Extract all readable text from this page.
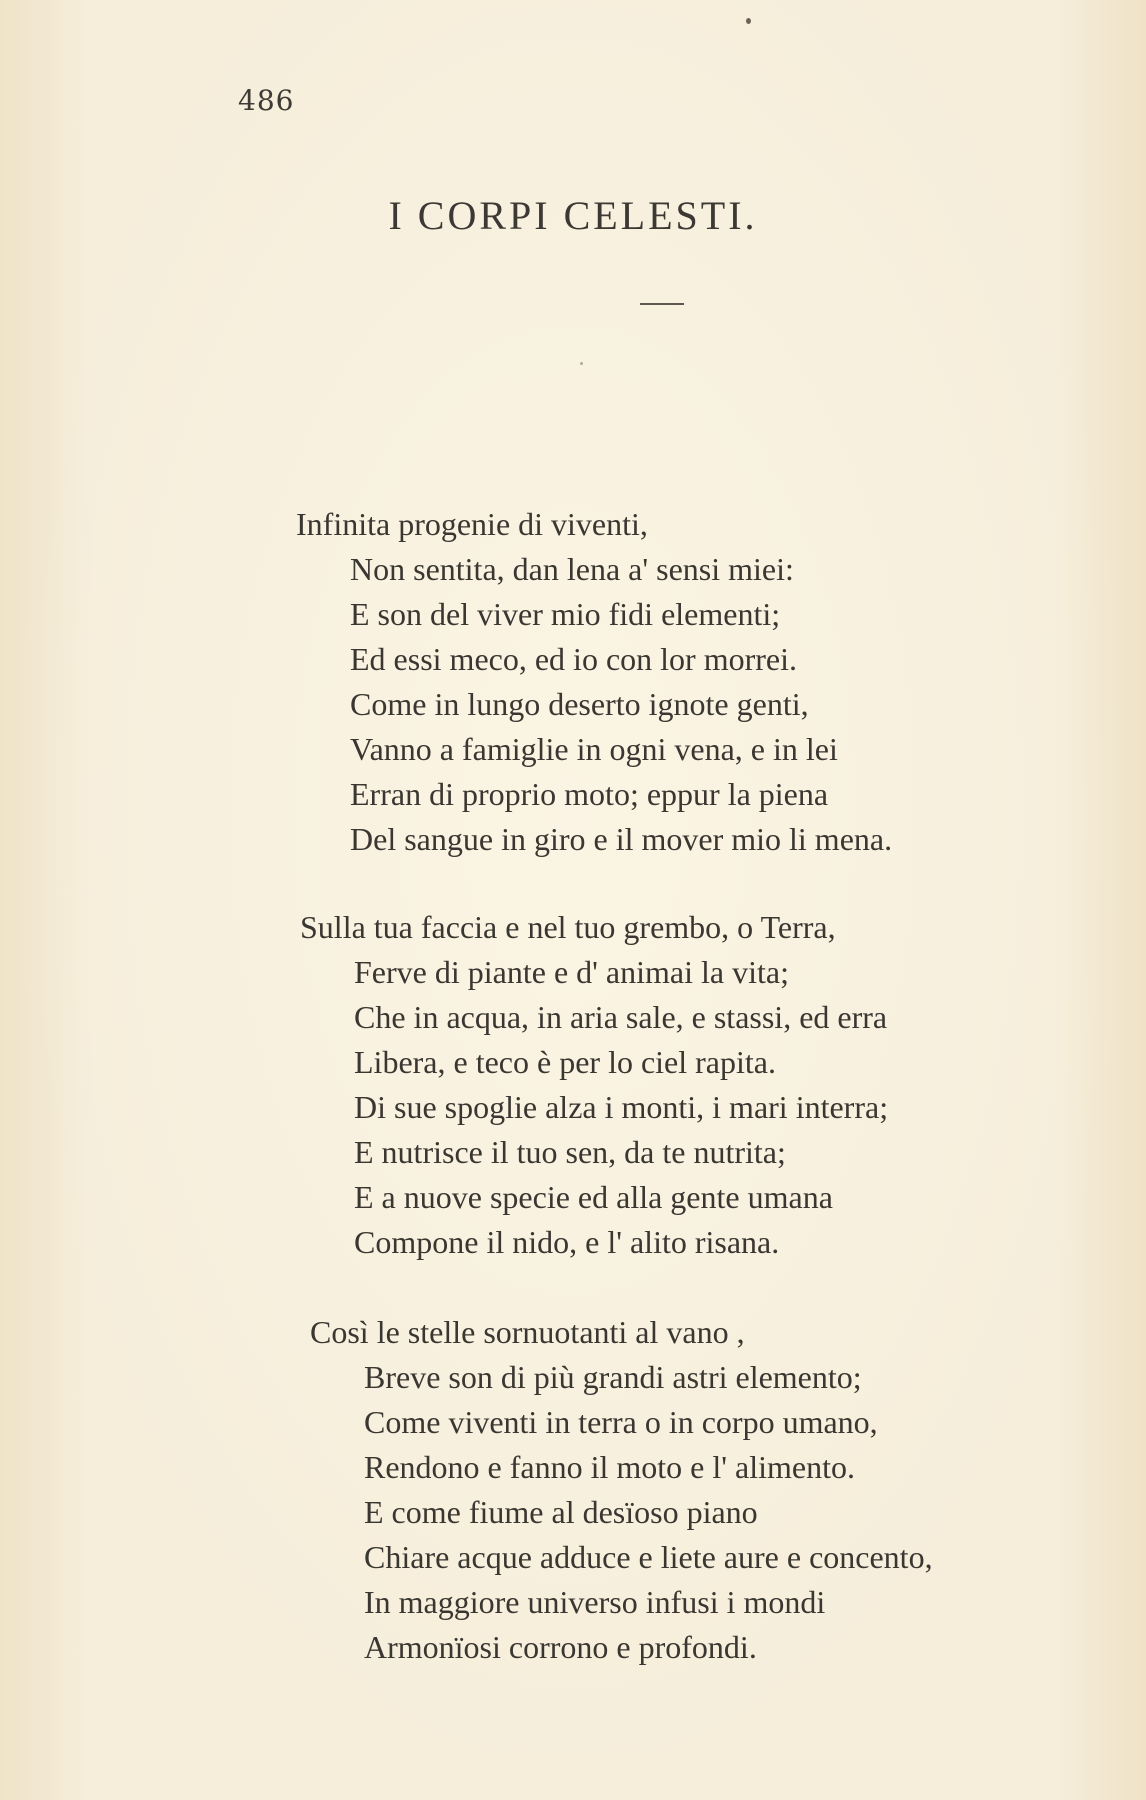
486
I CORPI CELESTI.
Infinita progenie di viventi,
Non sentita, dan lena a' sensi miei:
E son del viver mio fidi elementi;
Ed essi meco, ed io con lor morrei.
Come in lungo deserto ignote genti,
Vanno a famiglie in ogni vena, e in lei
Erran di proprio moto; eppur la piena
Del sangue in giro e il mover mio li mena.
Sulla tua faccia e nel tuo grembo, o Terra,
Ferve di piante e d' animai la vita;
Che in acqua, in aria sale, e stassi, ed erra
Libera, e teco è per lo ciel rapita.
Di sue spoglie alza i monti, i mari interra;
E nutrisce il tuo sen, da te nutrita;
E a nuove specie ed alla gente umana
Compone il nido, e l' alito risana.
Così le stelle sornuotanti al vano ,
Breve son di più grandi astri elemento;
Come viventi in terra o in corpo umano,
Rendono e fanno il moto e l' alimento.
E come fiume al desïoso piano
Chiare acque adduce e liete aure e concento,
In maggiore universo infusi i mondi
Armonïosi corrono e profondi.
